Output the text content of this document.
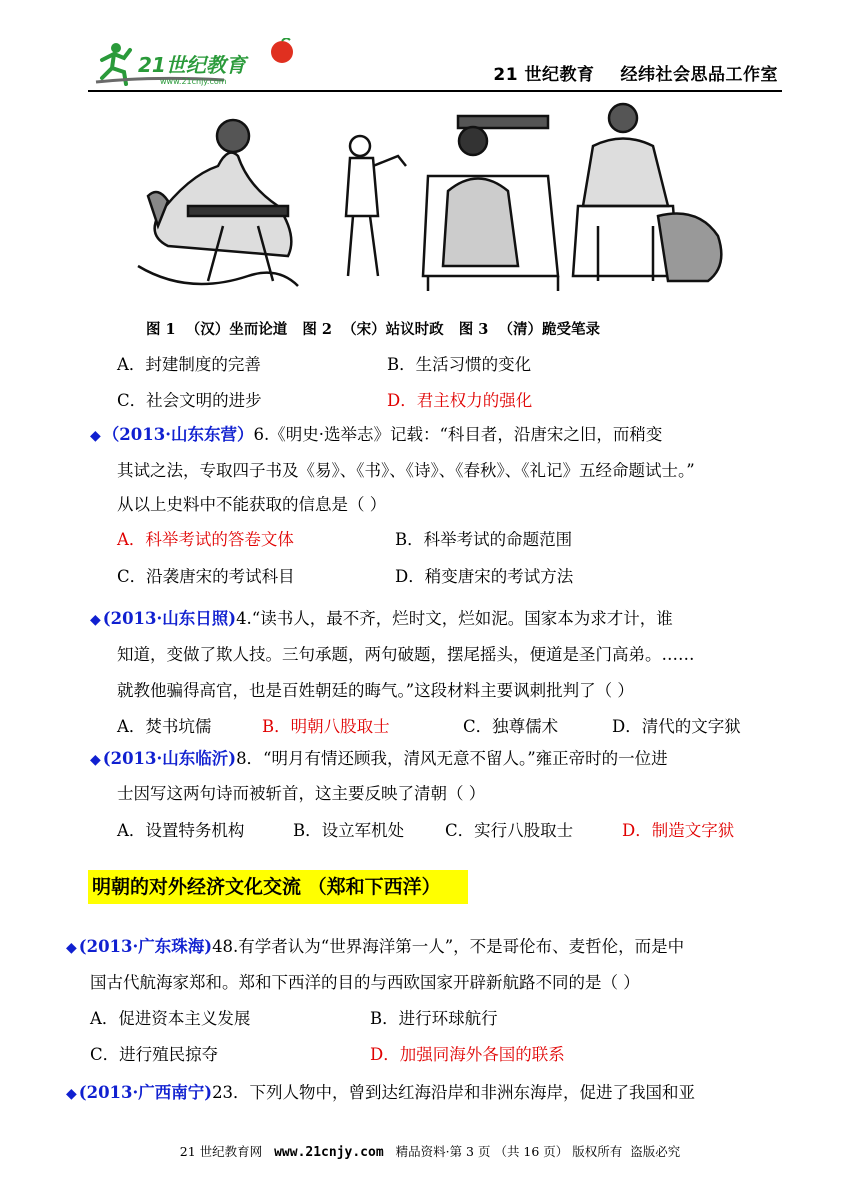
21世纪教育
www.21cnjy.com	21 世纪教育 经纬社会思品工作室
图 1  （汉）坐而论道   图 2  （宋）站议时政   图 3  （清）跪受笔录
A．封建制度的完善	B．生活习惯的变化
C．社会文明的进步	D．君主权力的强化
◆ （2013·山东东营）6.《明史·选举志》记载：“科目者，沿唐宋之旧，而稍变
其试之法，专取四子书及《易》、《书》、《诗》、《春秋》、《礼记》五经命题试士。”
从以上史料中不能获取的信息是（ ）
A．科举考试的答卷文体	B．科举考试的命题范围
C．沿袭唐宋的考试科目	D．稍变唐宋的考试方法
◆ (2013·山东日照)4.“读书人，最不齐，烂时文，烂如泥。国家本为求才计，谁
知道，变做了欺人技。三句承题，两句破题，摆尾摇头，便道是圣门高弟。……
就教他骗得高官，也是百姓朝廷的晦气。”这段材料主要讽刺批判了（ ）
A．焚书坑儒	B．明朝八股取士	C．独尊儒术	D．清代的文字狱
◆ (2013·山东临沂)8．“明月有情还顾我，清风无意不留人。”雍正帝时的一位进
士因写这两句诗而被斩首，这主要反映了清朝（ ）
A．设置特务机构	B．设立军机处 C．实行八股取士	D．制造文字狱
明朝的对外经济文化交流 （郑和下西洋）
◆ (2013·广东珠海)48.有学者认为“世界海洋第一人”，不是哥伦布、麦哲伦，而是中
国古代航海家郑和。郑和下西洋的目的与西欧国家开辟新航路不同的是（ ）
A．促进资本主义发展	B．进行环球航行
C．进行殖民掠夺	D．加强同海外各国的联系
◆ (2013·广西南宁)23．下列人物中，曾到达红海沿岸和非洲东海岸，促进了我国和亚
21 世纪教育网 www.21cnjy.com 精品资料·第 3 页 （共 16 页） 版权所有  盗版必究
